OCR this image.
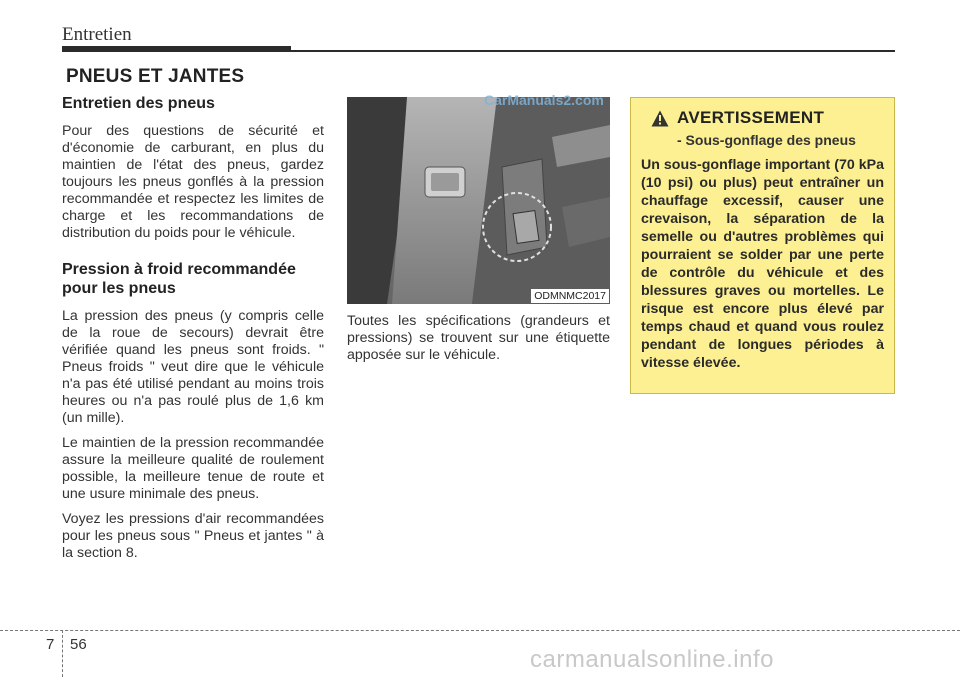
Entretien
PNEUS ET JANTES
Entretien des pneus

Pour des questions de sécurité et d'économie de carburant, en plus du maintien de l'état des pneus, gardez toujours les pneus gonflés à la pression recommandée et respectez les limites de charge et les recommandations de distribution du poids pour le véhicule.

Pression à froid recommandée pour les pneus

La pression des pneus (y compris celle de la roue de secours) devrait être vérifiée quand les pneus sont froids. " Pneus froids " veut dire que le véhicule n'a pas été utilisé pendant au moins trois heures ou n'a pas roulé plus de 1,6 km (un mille).

Le maintien de la pression recommandée assure la meilleure qualité de roulement possible, la meilleure tenue de route et une usure minimale des pneus.

Voyez les pressions d'air recommandées pour les pneus sous " Pneus et jantes " à la section 8.

ODMNMC2017
CarManuals2.com

Toutes les spécifications (grandeurs et pressions) se trouvent sur une étiquette apposée sur le véhicule.

AVERTISSEMENT
- Sous-gonflage des pneus

Un sous-gonflage important (70 kPa (10 psi) ou plus) peut entraîner un chauffage excessif, causer une crevaison, la séparation de la semelle ou d'autres problèmes qui pourraient se solder par une perte de contrôle du véhicule et des blessures graves ou mortelles. Le risque est encore plus élevé par temps chaud et quand vous roulez pendant de longues périodes à vitesse élevée.

7 56
carmanualsonline.info
